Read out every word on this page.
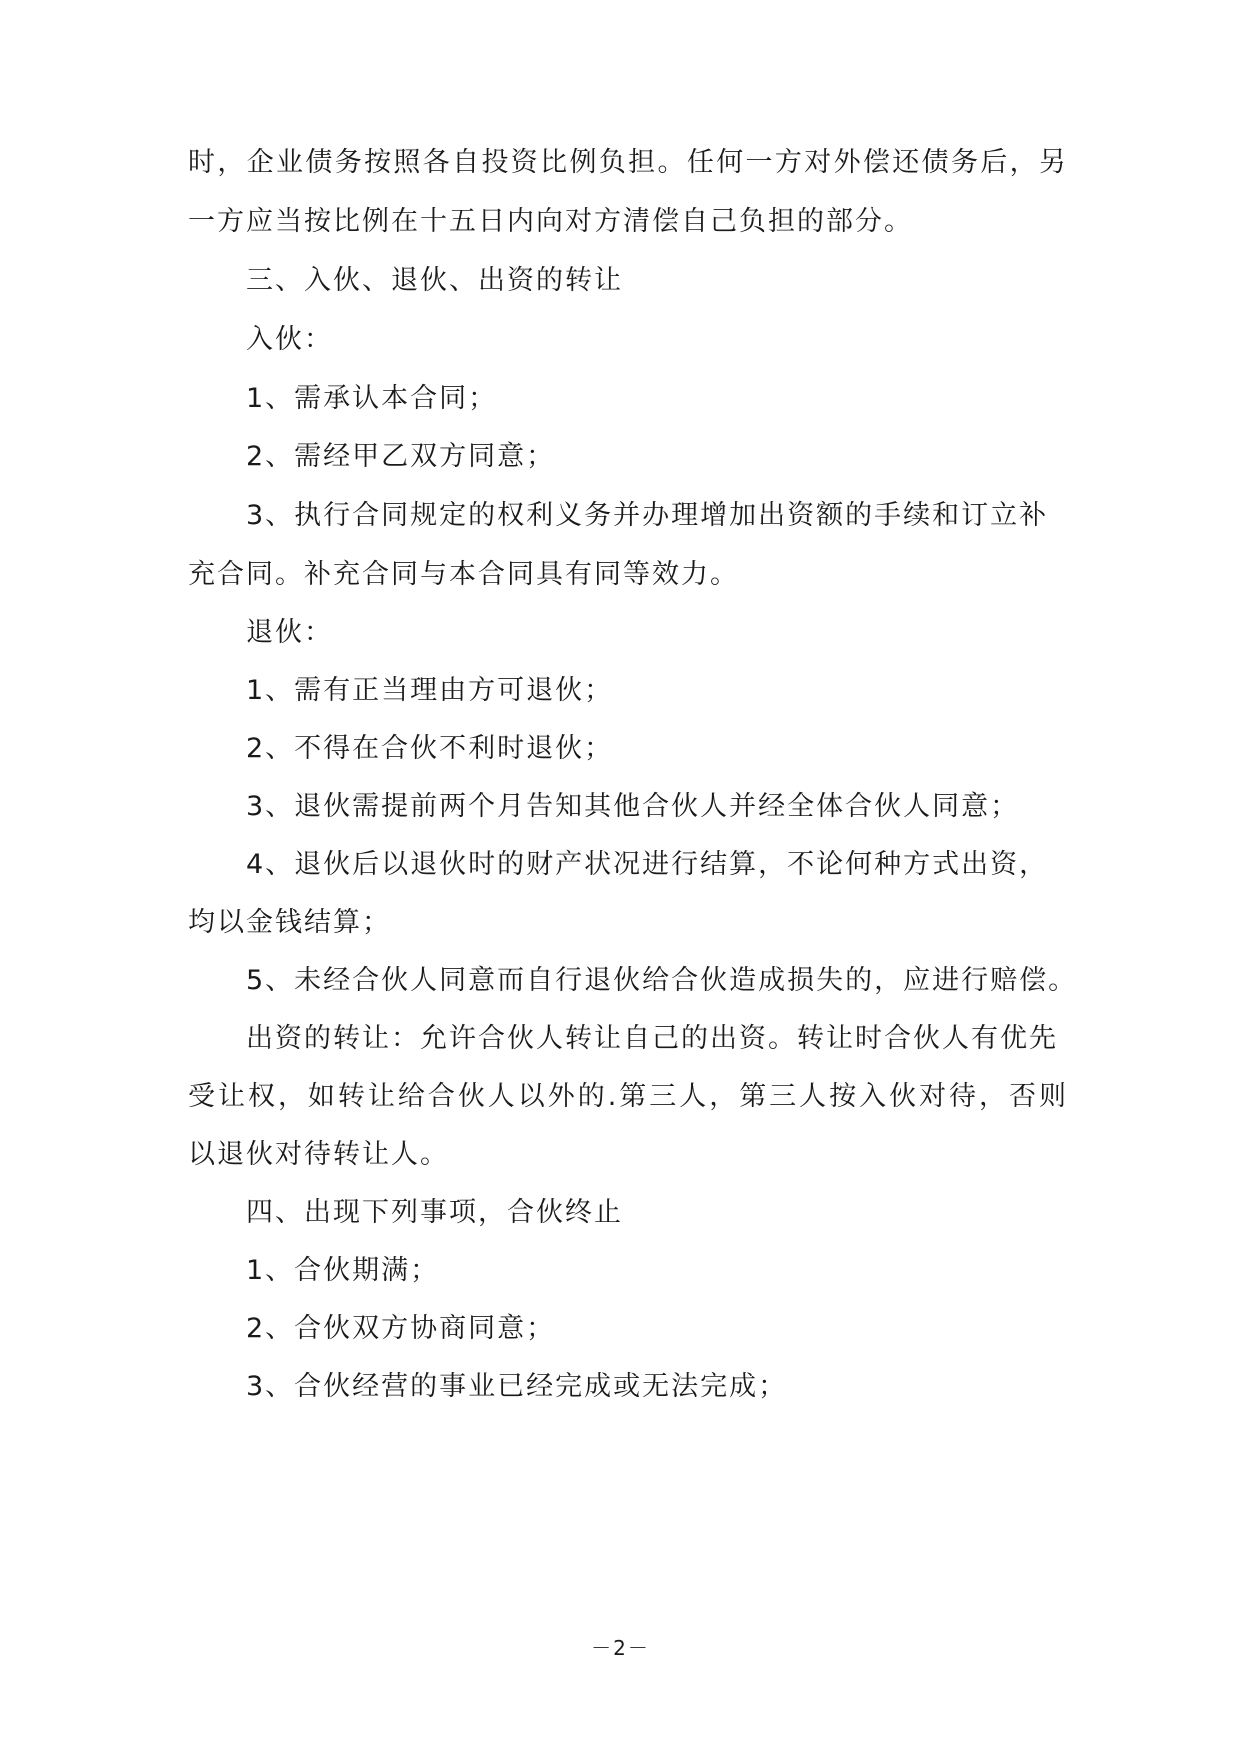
时，企业债务按照各自投资比例负担。任何一方对外偿还债务后，另
一方应当按比例在十五日内向对方清偿自己负担的部分。
三、入伙、退伙、出资的转让
入伙：
1、需承认本合同；
2、需经甲乙双方同意；
3、执行合同规定的权利义务并办理增加出资额的手续和订立补
充合同。补充合同与本合同具有同等效力。
退伙：
1、需有正当理由方可退伙；
2、不得在合伙不利时退伙；
3、退伙需提前两个月告知其他合伙人并经全体合伙人同意；
4、退伙后以退伙时的财产状况进行结算，不论何种方式出资，
均以金钱结算；
5、未经合伙人同意而自行退伙给合伙造成损失的，应进行赔偿。
出资的转让：允许合伙人转让自己的出资。转让时合伙人有优先
受让权，如转让给合伙人以外的.第三人，第三人按入伙对待，否则
以退伙对待转让人。
四、出现下列事项，合伙终止
1、合伙期满；
2、合伙双方协商同意；
3、合伙经营的事业已经完成或无法完成；
－2－
